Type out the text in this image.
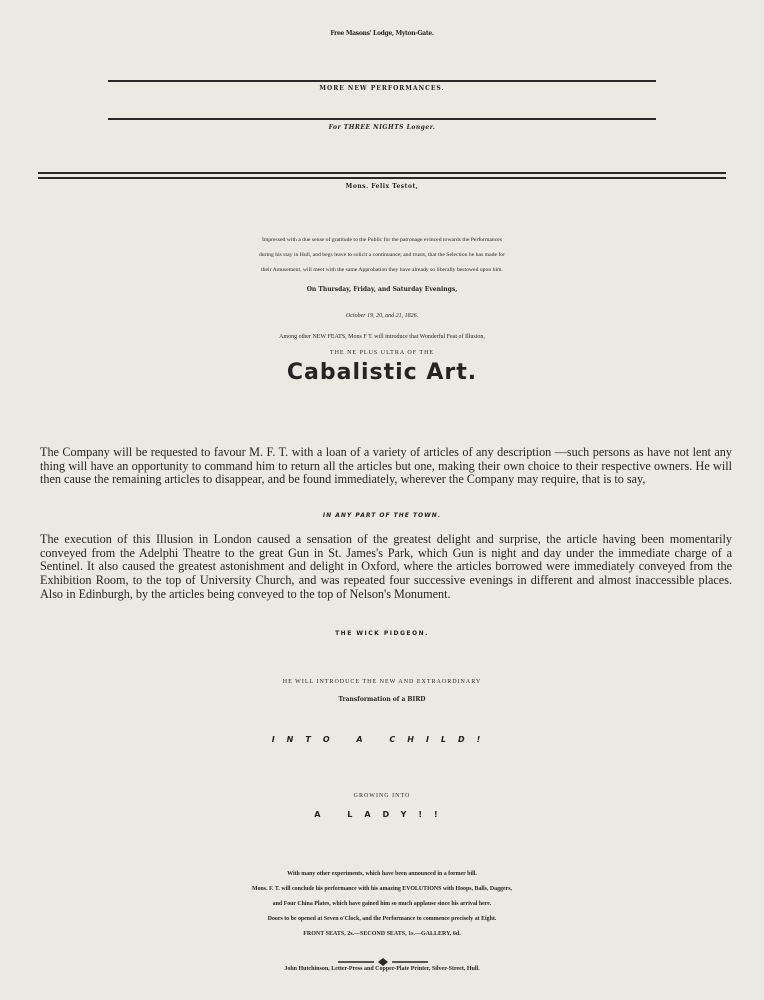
Free Masons' Lodge, Myton-Gate.
MORE NEW PERFORMANCES.
For THREE NIGHTS Longer.
Mons. Felix Testot,
Impressed with a due sense of gratitude to the Public for the patronage evinced towards the Performances
during his stay in Hull, and begs leave to solicit a continuance; and trusts, that the Selection he has made for
their Amusement, will meet with the same Approbation they have already so liberally bestowed upon him.
On Thursday, Friday, and Saturday Evenings,
October 19, 20, and 21, 1826.
Among other NEW FEATS, Mons F T. will introduce that Wonderful Feat of Illusion,
THE NE PLUS ULTRA OF THE
Cabalistic Art.
The Company will be requested to favour M. F. T. with a loan of a variety of articles of any description —such persons as have not lent any thing will have an opportunity to command him to return all the articles but one, making their own choice to their respective owners. He will then cause the remaining articles to disappear, and be found immediately, wherever the Company may require, that is to say,
IN ANY PART OF THE TOWN.
The execution of this Illusion in London caused a sensation of the greatest delight and surprise, the article having been momentarily conveyed from the Adelphi Theatre to the great Gun in St. James's Park, which Gun is night and day under the immediate charge of a Sentinel. It also caused the greatest astonishment and delight in Oxford, where the articles borrowed were immediately conveyed from the Exhibition Room, to the top of University Church, and was repeated four successive evenings in different and almost inaccessible places. Also in Edinburgh, by the articles being conveyed to the top of Nelson's Monument.
THE WICK PIDGEON.
HE WILL INTRODUCE THE NEW AND EXTRAORDINARY
Transformation of a BIRD
INTO A CHILD!
GROWING INTO
A LADY!!
With many other experiments, which have been announced in a former bill.
Mons. F. T. will conclude his performance with his amazing EVOLUTIONS with Hoops, Balls, Daggers,
and Four China Plates, which have gained him so much applause since his arrival here.
Doors to be opened at Seven o'Clock, and the Performance to commence precisely at Eight.
FRONT SEATS, 2s.—SECOND SEATS, 1s.—GALLERY, 6d.
John Hutchinson, Letter-Press and Copper-Plate Printer, Silver-Street, Hull.
